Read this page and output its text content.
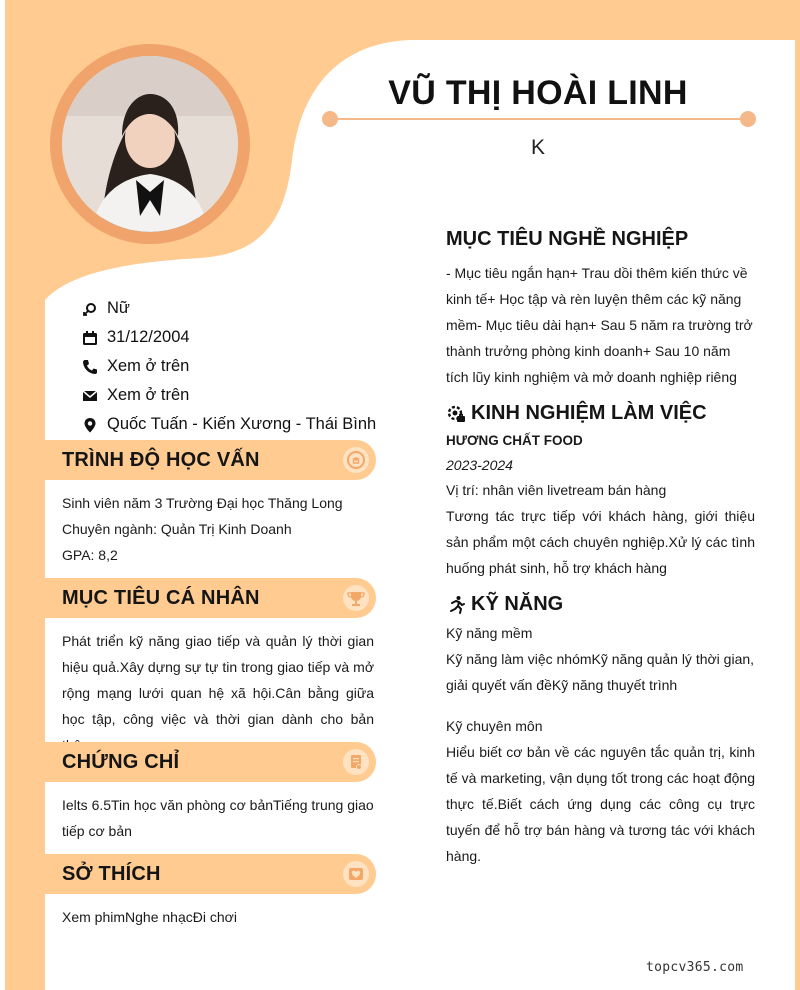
VŨ THỊ HOÀI LINH
K
Nữ
31/12/2004
Xem ở trên
Xem ở trên
Quốc Tuấn - Kiến Xương - Thái Bình
TRÌNH ĐỘ HỌC VẤN
Sinh viên năm 3 Trường Đại học Thăng Long
Chuyên ngành: Quản Trị Kinh Doanh
GPA: 8,2
MỤC TIÊU CÁ NHÂN
Phát triển kỹ năng giao tiếp và quản lý thời gian hiệu quả.Xây dựng sự tự tin trong giao tiếp và mở rộng mạng lưới quan hệ xã hội.Cân bằng giữa học tập, công việc và thời gian dành cho bản
CHỨNG CHỈ
Ielts 6.5Tin học văn phòng cơ bảnTiếng trung giao tiếp cơ bản
SỞ THÍCH
Xem phimNghe nhạcĐi chơi
MỤC TIÊU NGHỀ NGHIỆP
- Mục tiêu ngắn hạn+ Trau dồi thêm kiến thức về kinh tế+ Học tập và rèn luyện thêm các kỹ năng mềm- Mục tiêu dài hạn+ Sau 5 năm ra trường trở thành trưởng phòng kinh doanh+ Sau 10 năm tích lũy kinh nghiệm và mở doanh nghiệp riêng
KINH NGHIỆM LÀM VIỆC
HƯƠNG CHẤT FOOD
2023-2024
Vị trí: nhân viên livetream bán hàng
Tương tác trực tiếp với khách hàng, giới thiệu sản phẩm một cách chuyên nghiệp.Xử lý các tình huống phát sinh, hỗ trợ khách hàng
KỸ NĂNG
Kỹ năng mềm
Kỹ năng làm việc nhómKỹ năng quản lý thời gian, giải quyết vấn đềKỹ năng thuyết trình
Kỹ chuyên môn
Hiểu biết cơ bản về các nguyên tắc quản trị, kinh tế và marketing, vận dụng tốt trong các hoạt động thực tế.Biết cách ứng dụng các công cụ trực tuyến để hỗ trợ bán hàng và tương tác với khách hàng.
topcv365.com
